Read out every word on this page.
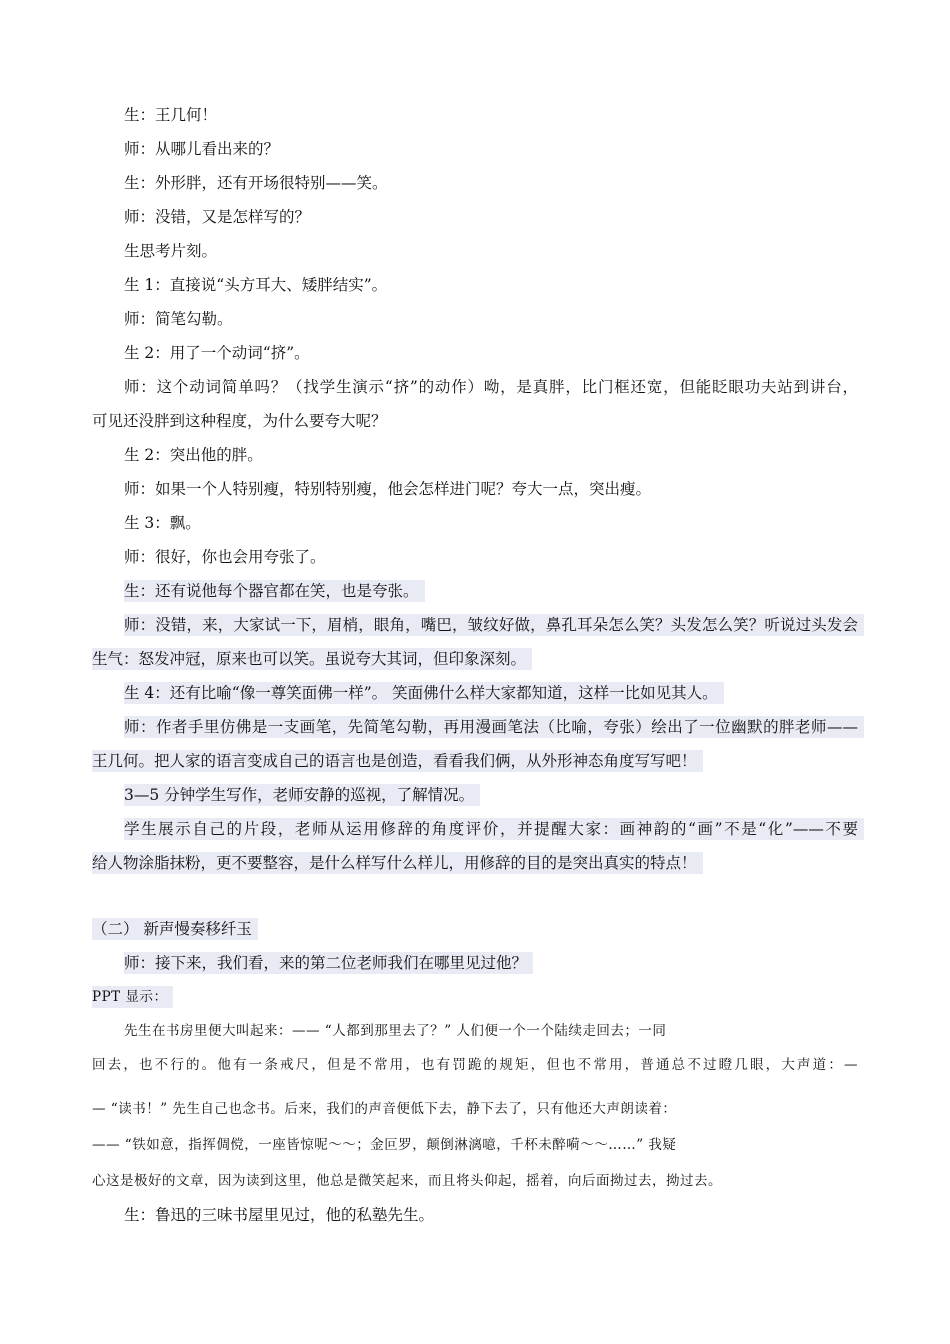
生：王几何！
师：从哪儿看出来的？
生：外形胖，还有开场很特别——笑。
师：没错，又是怎样写的？
生思考片刻。
生 1：直接说“头方耳大、矮胖结实”。
师：简笔勾勒。
生 2：用了一个动词“挤”。
师：这个动词简单吗？（找学生演示“挤”的动作）呦，是真胖，比门框还宽，但能眨眼功夫站到讲台，
可见还没胖到这种程度，为什么要夸大呢？
生 2：突出他的胖。
师：如果一个人特别瘦，特别特别瘦，他会怎样进门呢？夸大一点，突出瘦。
生 3：飘。
师：很好，你也会用夸张了。
生：还有说他每个器官都在笑，也是夸张。
师：没错，来，大家试一下，眉梢，眼角，嘴巴，皱纹好做，鼻孔耳朵怎么笑？头发怎么笑？听说过头发会
生气：怒发冲冠，原来也可以笑。虽说夸大其词，但印象深刻。
生 4：还有比喻“像一尊笑面佛一样”。 笑面佛什么样大家都知道，这样一比如见其人。
师：作者手里仿佛是一支画笔，先简笔勾勒，再用漫画笔法（比喻，夸张）绘出了一位幽默的胖老师——
王几何。把人家的语言变成自己的语言也是创造，看看我们俩，从外形神态角度写写吧！
3—5 分钟学生写作，老师安静的巡视，了解情况。
学生展示自己的片段，老师从运用修辞的角度评价，并提醒大家：画神韵的“画”不是“化”——不要
给人物涂脂抹粉，更不要整容，是什么样写什么样儿，用修辞的目的是突出真实的特点！
（二） 新声慢奏移纤玉
师：接下来，我们看，来的第二位老师我们在哪里见过他？
PPT 显示：
先生在书房里便大叫起来：—— “人都到那里去了？” 人们便一个一个陆续走回去；一同
回去，也不行的。他有一条戒尺，但是不常用，也有罚跪的规矩，但也不常用，普通总不过瞪几眼，大声道：—
— “读书！” 先生自己也念书。后来，我们的声音便低下去，静下去了，只有他还大声朗读着：
—— “铁如意，指挥倜傥，一座皆惊呢～～；金叵罗，颠倒淋漓噫，千杯未醉嗬～～……” 我疑
心这是极好的文章，因为读到这里，他总是微笑起来，而且将头仰起，摇着，向后面拗过去，拗过去。
生：鲁迅的三味书屋里见过，他的私塾先生。
